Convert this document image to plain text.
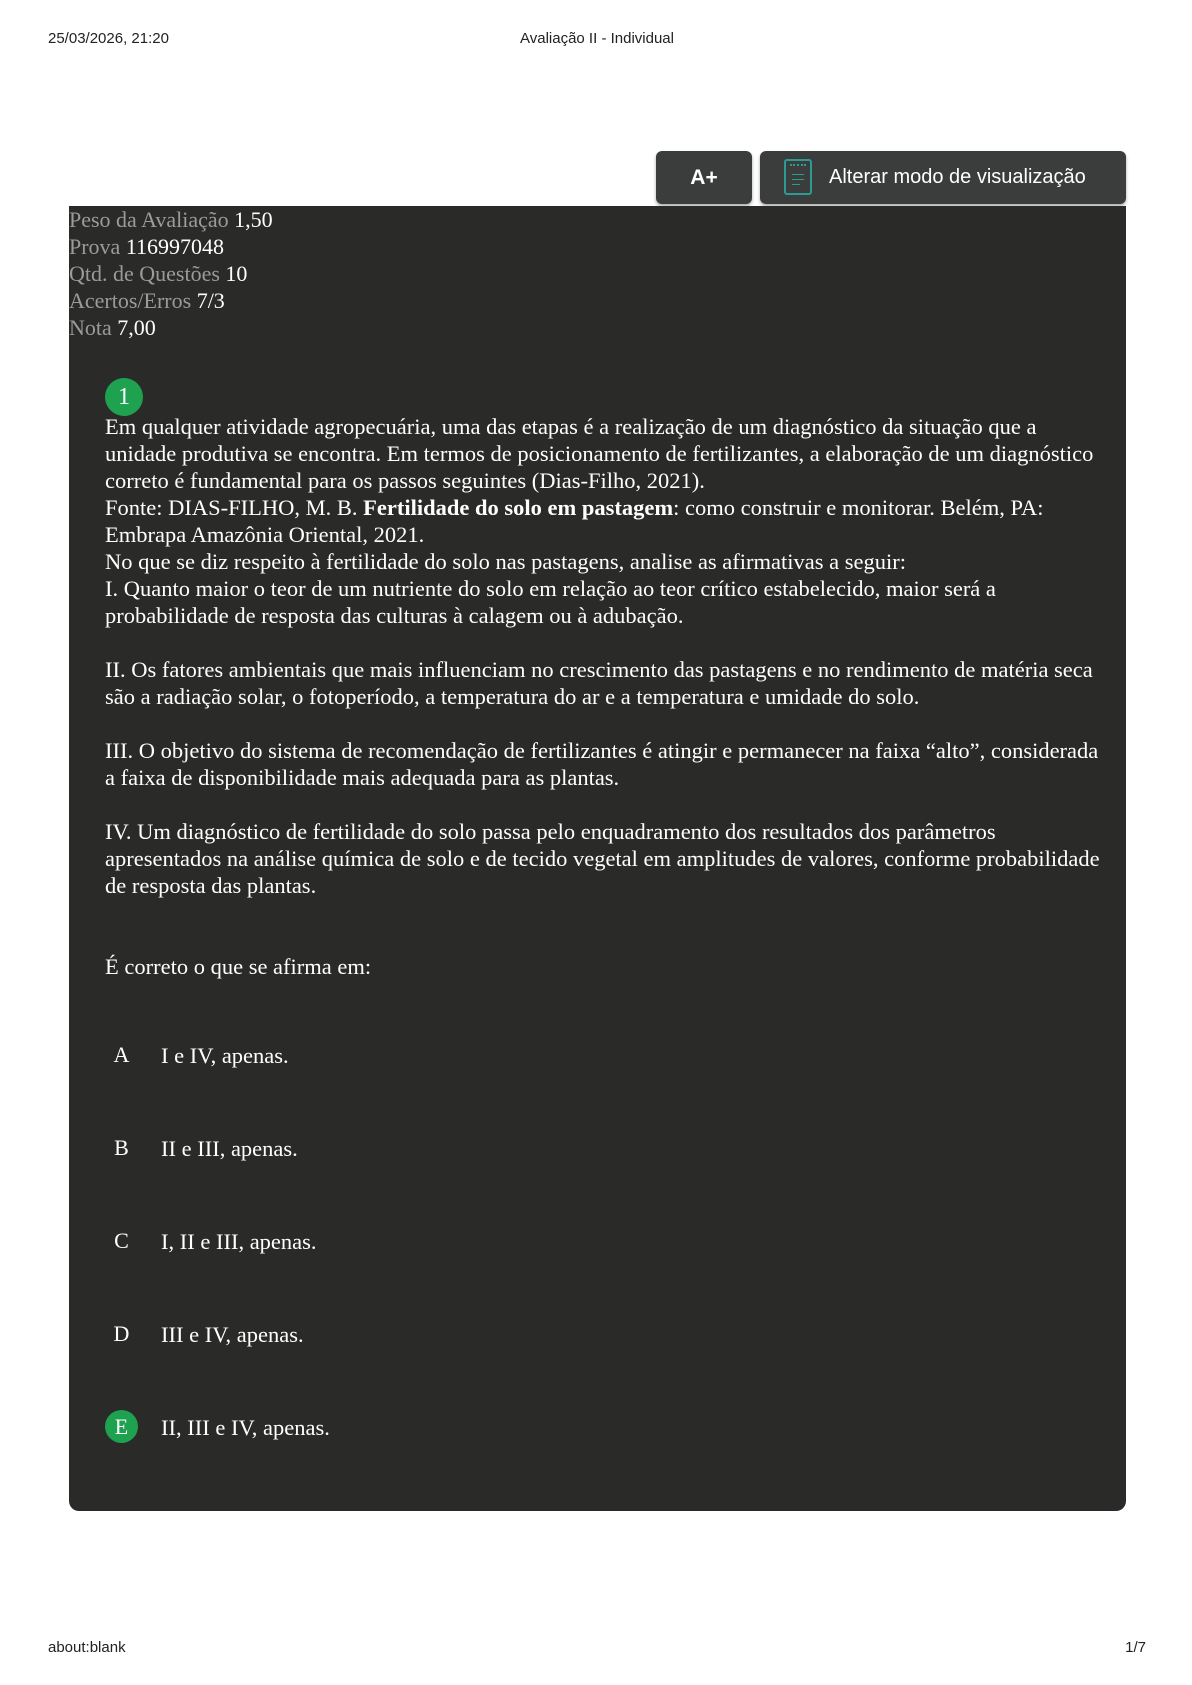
25/03/2026, 21:20	Avaliação II - Individual
A+	Alterar modo de visualização
Peso da Avaliação 1,50
Prova 116997048
Qtd. de Questões 10
Acertos/Erros 7/3
Nota 7,00
1

Em qualquer atividade agropecuária, uma das etapas é a realização de um diagnóstico da situação que a unidade produtiva se encontra. Em termos de posicionamento de fertilizantes, a elaboração de um diagnóstico correto é fundamental para os passos seguintes (Dias-Filho, 2021).

Fonte: DIAS-FILHO, M. B. Fertilidade do solo em pastagem: como construir e monitorar. Belém, PA: Embrapa Amazônia Oriental, 2021.

No que se diz respeito à fertilidade do solo nas pastagens, analise as afirmativas a seguir:

I. Quanto maior o teor de um nutriente do solo em relação ao teor crítico estabelecido, maior será a probabilidade de resposta das culturas à calagem ou à adubação.

II. Os fatores ambientais que mais influenciam no crescimento das pastagens e no rendimento de matéria seca são a radiação solar, o fotoperíodo, a temperatura do ar e a temperatura e umidade do solo.

III. O objetivo do sistema de recomendação de fertilizantes é atingir e permanecer na faixa “alto”, considerada a faixa de disponibilidade mais adequada para as plantas.

IV. Um diagnóstico de fertilidade do solo passa pelo enquadramento dos resultados dos parâmetros apresentados na análise química de solo e de tecido vegetal em amplitudes de valores, conforme probabilidade de resposta das plantas.

É correto o que se afirma em:

A	I e IV, apenas.
B	II e III, apenas.
C	I, II e III, apenas.
D	III e IV, apenas.
E	II, III e IV, apenas.
about:blank	1/7
